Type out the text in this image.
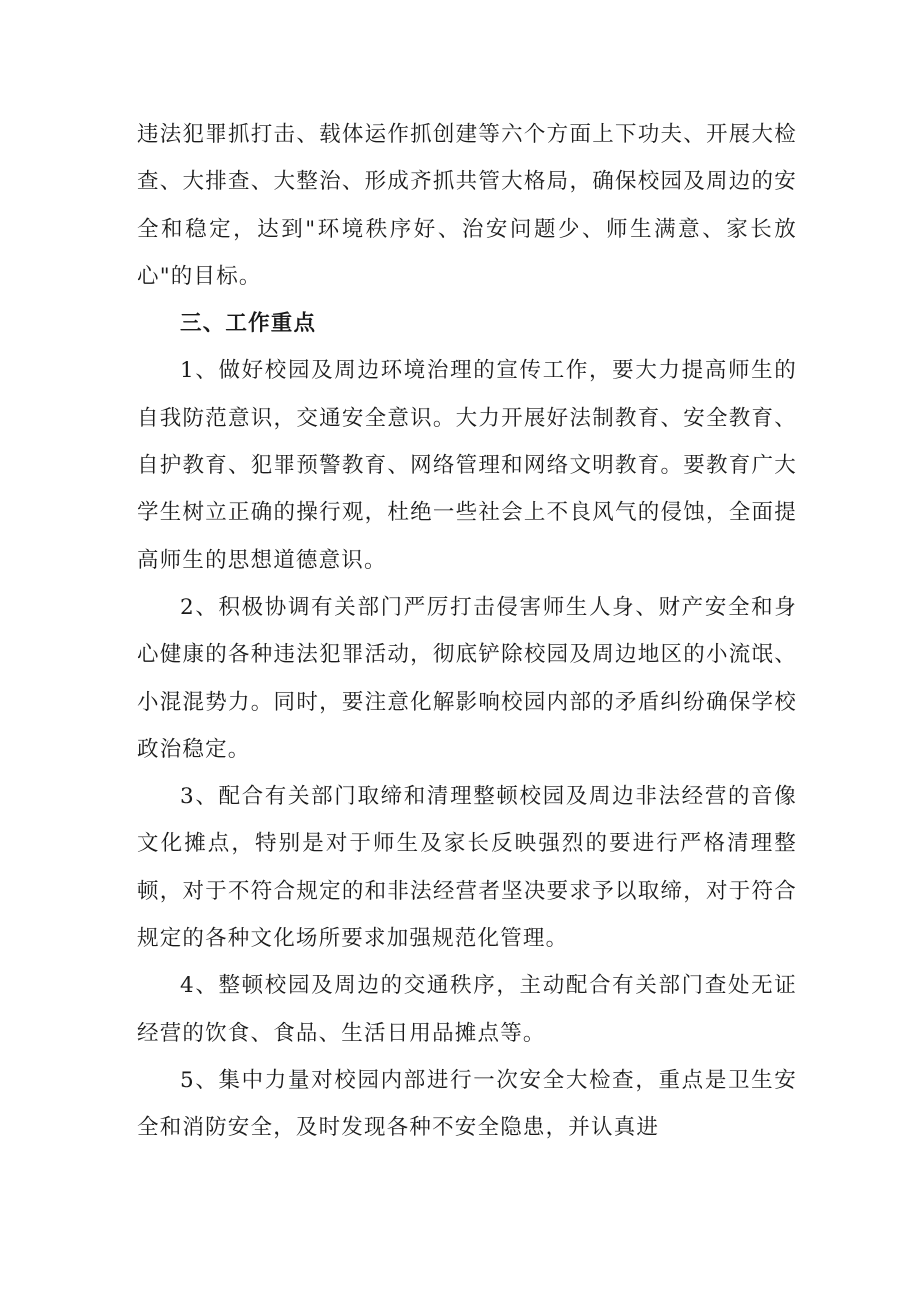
违法犯罪抓打击、载体运作抓创建等六个方面上下功夫、开展大检查、大排查、大整治、形成齐抓共管大格局，确保校园及周边的安全和稳定，达到"环境秩序好、治安问题少、师生满意、家长放心"的目标。

三、工作重点

1、做好校园及周边环境治理的宣传工作，要大力提高师生的自我防范意识，交通安全意识。大力开展好法制教育、安全教育、自护教育、犯罪预警教育、网络管理和网络文明教育。要教育广大学生树立正确的操行观，杜绝一些社会上不良风气的侵蚀，全面提高师生的思想道德意识。

2、积极协调有关部门严厉打击侵害师生人身、财产安全和身心健康的各种违法犯罪活动，彻底铲除校园及周边地区的小流氓、小混混势力。同时，要注意化解影响校园内部的矛盾纠纷确保学校政治稳定。

3、配合有关部门取缔和清理整顿校园及周边非法经营的音像文化摊点，特别是对于师生及家长反映强烈的要进行严格清理整顿，对于不符合规定的和非法经营者坚决要求予以取缔，对于符合规定的各种文化场所要求加强规范化管理。

4、整顿校园及周边的交通秩序，主动配合有关部门查处无证经营的饮食、食品、生活日用品摊点等。

5、集中力量对校园内部进行一次安全大检查，重点是卫生安全和消防安全，及时发现各种不安全隐患，并认真进
